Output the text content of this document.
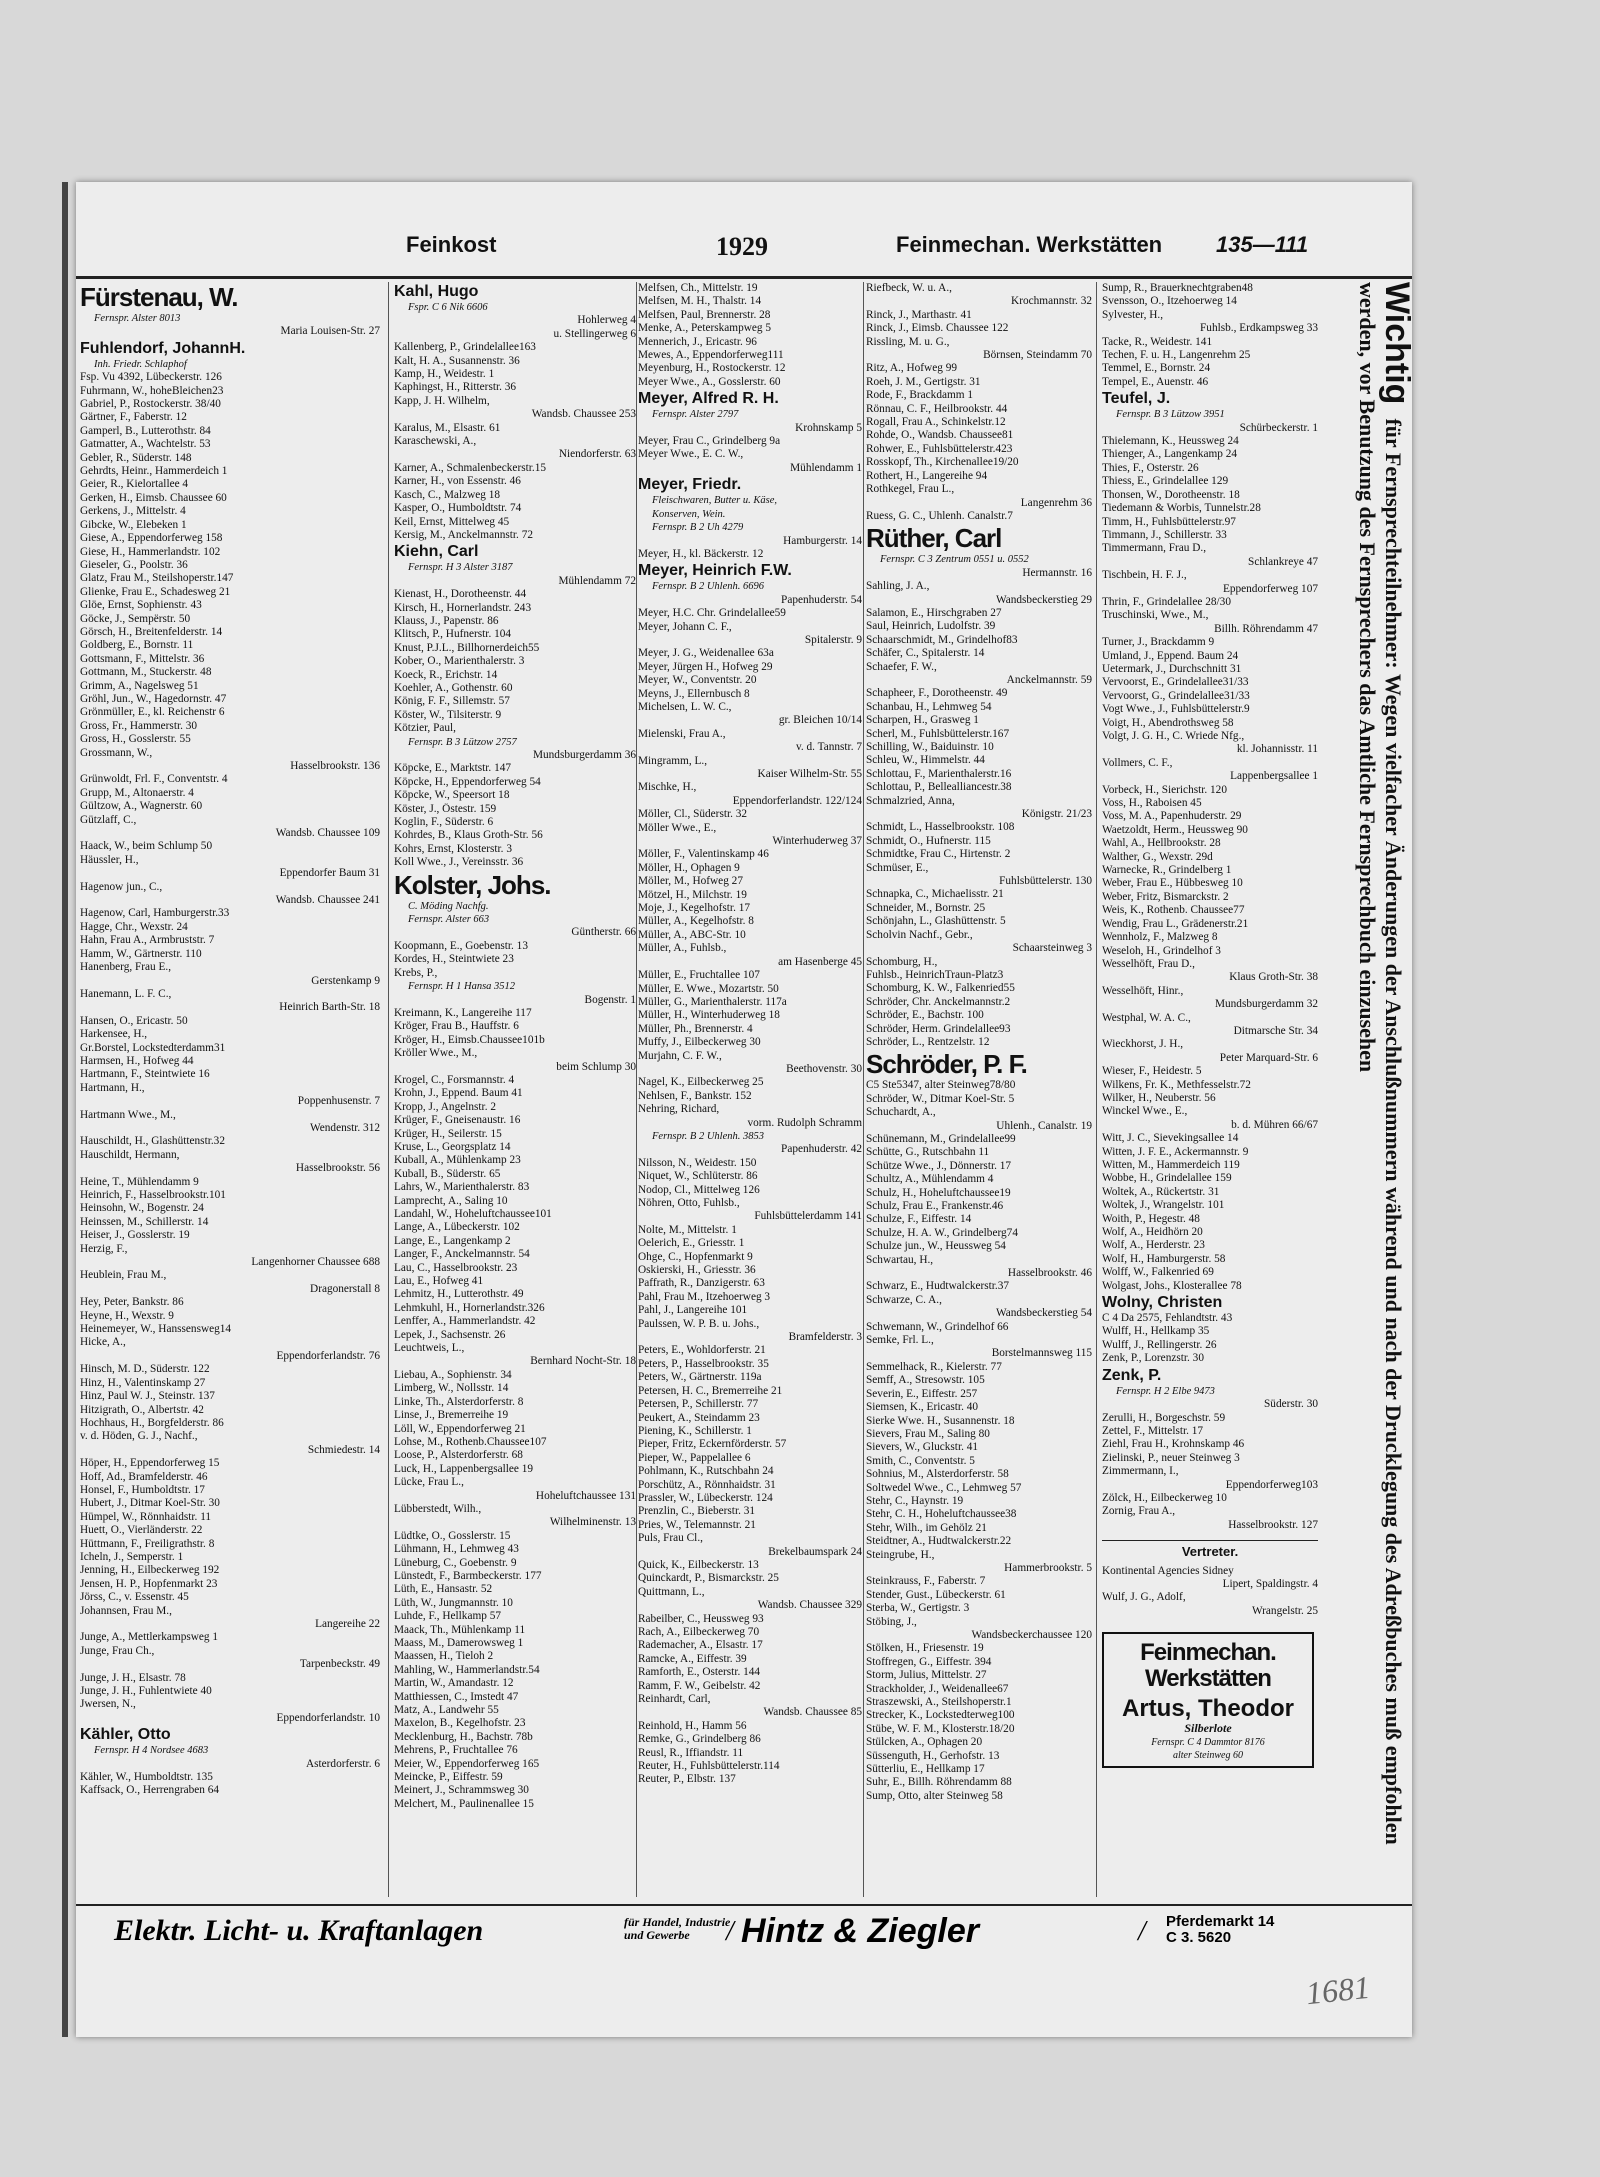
Feinkost	1929	Feinmechan. Werkstätten 135—111
Fürstenau, W.
Fernspr. Alster 8013
Maria Louisen-Str. 27
Fuhlendorf, JohannH.
Inh. Friedr. Schlaphof
Fsp. Vu 4392, Lübeckerstr. 126
Fuhrmann, W., hoheBleichen23
Gabriel, P., Rostockerstr. 38/40
Gärtner, F., Faberstr. 12
Gamperl, B., Lutterothstr. 84
Gatmatter, A., Wachtelstr. 53
Gebler, R., Süderstr. 148
Gehrdts, Heinr., Hammerdeich 1
Geier, R., Kielortallee 4
Gerken, H., Eimsb. Chaussee 60
Gerkens, J., Mittelstr. 4
Gibcke, W., Elebeken 1
Giese, A., Eppendorferweg 158
Giese, H., Hammerlandstr. 102
Gieseler, G., Poolstr. 36
Glatz, Frau M., Steilshoperstr.147
Glienke, Frau E., Schadesweg 21
Glöe, Ernst, Sophienstr. 43
Göcke, J., Sempërstr. 50
Görsch, H., Breitenfelderstr. 14
Goldberg, E., Bornstr. 11
Gottsmann, F., Mittelstr. 36
Gottmann, M., Stuckerstr. 48
Grimm, A., Nagelsweg 51
Gröhl, Jun., W., Hagedornstr. 47
Grönmüller, E., kl. Reichenstr 6
Gross, Fr., Hammerstr. 30
Gross, H., Gosslerstr. 55
Grossmann, W.,
Hasselbrookstr. 136
Grünwoldt, Frl. F., Conventstr. 4
Grupp, M., Altonaerstr. 4
Gültzow, A., Wagnerstr. 60
Gützlaff, C.,
Wandsb. Chaussee 109
Haack, W., beim Schlump 50
Häussler, H.,
Eppendorfer Baum 31
Hagenow jun., C.,
Wandsb. Chaussee 241
Hagenow, Carl, Hamburgerstr.33
Hagge, Chr., Wexstr. 24
Hahn, Frau A., Armbruststr. 7
Hamm, W., Gärtnerstr. 110
Hanenberg, Frau E.,
Gerstenkamp 9
Hanemann, L. F. C.,
Heinrich Barth-Str. 18
Hansen, O., Ericastr. 50
Harkensee, H.,
Gr.Borstel, Lockstedterdamm31
Harmsen, H., Hofweg 44
Hartmann, F., Steintwiete 16
Hartmann, H.,
Poppenhusenstr. 7
Hartmann Wwe., M.,
Wendenstr. 312
Hauschildt, H., Glashüttenstr.32
Hauschildt, Hermann,
Hasselbrookstr. 56
Heine, T., Mühlendamm 9
Heinrich, F., Hasselbrookstr.101
Heinsohn, W., Bogenstr. 24
Heinssen, M., Schillerstr. 14
Heiser, J., Gosslerstr. 19
Herzig, F.,
Langenhorner Chaussee 688
Heublein, Frau M.,
Dragonerstall 8
Hey, Peter, Bankstr. 86
Heyne, H., Wexstr. 9
Heinemeyer, W., Hanssensweg14
Hicke, A.,
Eppendorferlandstr. 76
Hinsch, M. D., Süderstr. 122
Hinz, H., Valentinskamp 27
Hinz, Paul W. J., Steinstr. 137
Hitzigrath, O., Albertstr. 42
Hochhaus, H., Borgfelderstr. 86
v. d. Höden, G. J., Nachf.,
Schmiedestr. 14
Höper, H., Eppendorferweg 15
Hoff, Ad., Bramfelderstr. 46
Honsel, F., Humboldtstr. 17
Hubert, J., Ditmar Koel-Str. 30
Hümpel, W., Rönnhaidstr. 11
Huett, O., Vierländerstr. 22
Hüttmann, F., Freiligrathstr. 8
Icheln, J., Semperstr. 1
Jenning, H., Eilbeckerweg 192
Jensen, H. P., Hopfenmarkt 23
Jörss, C., v. Essenstr. 45
Johannsen, Frau M.,
Langereihe 22
Junge, A., Mettlerkampsweg 1
Junge, Frau Ch.,
Tarpenbeckstr. 49
Junge, J. H., Elsastr. 78
Junge, J. H., Fuhlentwiete 40
Jwersen, N.,
Eppendorferlandstr. 10
Kähler, Otto
Fernspr. H 4 Nordsee 4683
Asterdorferstr. 6
Kähler, W., Humboldtstr. 135
Kaffsack, O., Herrengraben 64
Kahl, Hugo
Fspr. C 6 Nik 6606
Hohlerweg 4
u. Stellingerweg 6
Kallenberg, P., Grindelallee163
Kalt, H. A., Susannenstr. 36
Kamp, H., Weidestr. 1
Kaphingst, H., Ritterstr. 36
Kapp, J. H. Wilhelm,
Wandsb. Chaussee 253
Karalus, M., Elsastr. 61
Karaschewski, A.,
Niendorferstr. 63
Karner, A., Schmalenbeckerstr.15
Karner, H., von Essenstr. 46
Kasch, C., Malzweg 18
Kasper, O., Humboldtstr. 74
Keil, Ernst, Mittelweg 45
Kersig, M., Anckelmannstr. 72
Kiehn, Carl
Fernspr. H 3 Alster 3187
Mühlendamm 72
Kienast, H., Dorotheenstr. 44
Kirsch, H., Hornerlandstr. 243
Klauss, J., Papenstr. 86
Klitsch, P., Hufnerstr. 104
Knust, P.J.L., Billhornerdeich55
Kober, O., Marienthalerstr. 3
Koeck, R., Erichstr. 14
Koehler, A., Gothenstr. 60
König, F. F., Sillemstr. 57
Köster, W., Tilsiterstr. 9
Kötzier, Paul,
Fernspr. B 3 Lützow 2757
Mundsburgerdamm 36
Köpcke, E., Marktstr. 147
Köpcke, H., Eppendorferweg 54
Köpcke, W., Speersort 18
Köster, J., Östestr. 159
Koglin, F., Süderstr. 6
Kohrdes, B., Klaus Groth-Str. 56
Kohrs, Ernst, Klosterstr. 3
Koll Wwe., J., Vereinsstr. 36
Kolster, Johs.
C. Möding Nachfg.
Fernspr. Alster 663
Güntherstr. 66
Koopmann, E., Goebenstr. 13
Kordes, H., Steintwiete 23
Krebs, P.,
Fernspr. H 1 Hansa 3512
Bogenstr. 1
Kreimann, K., Langereihe 117
Kröger, Frau B., Hauffstr. 6
Kröger, H., Eimsb.Chaussee101b
Kröller Wwe., M.,
beim Schlump 30
Krogel, C., Forsmannstr. 4
Krohn, J., Eppend. Baum 41
Kropp, J., Angelnstr. 2
Krüger, F., Gneisenaustr. 16
Krüger, H., Seilerstr. 15
Kruse, L., Georgsplatz 14
Kuball, A., Mühlenkamp 23
Kuball, B., Süderstr. 65
Lahrs, W., Marienthalerstr. 83
Lamprecht, A., Saling 10
Landahl, W., Hoheluftchaussee101
Lange, A., Lübeckerstr. 102
Lange, E., Langenkamp 2
Langer, F., Anckelmannstr. 54
Lau, C., Hasselbrookstr. 23
Lau, E., Hofweg 41
Lehmitz, H., Lutterothstr. 49
Lehmkuhl, H., Hornerlandstr.326
Lenffer, A., Hammerlandstr. 42
Lepek, J., Sachsenstr. 26
Leuchtweis, L.,
Bernhard Nocht-Str. 18
Liebau, A., Sophienstr. 34
Limberg, W., Nollsstr. 14
Linke, Th., Alsterdorferstr. 8
Linse, J., Bremerreihe 19
Löll, W., Eppendorferweg 21
Lohse, M., Rothenb.Chaussee107
Loose, P., Alsterdorferstr. 68
Luck, H., Lappenbergsallee 19
Lücke, Frau L.,
Hoheluftchaussee 131
Lübberstedt, Wilh.,
Wilhelminenstr. 13
Lüdtke, O., Gosslerstr. 15
Lühmann, H., Lehmweg 43
Lüneburg, C., Goebenstr. 9
Lünstedt, F., Barmbeckerstr. 177
Lüth, E., Hansastr. 52
Lüth, W., Jungmannstr. 10
Luhde, F., Hellkamp 57
Maack, Th., Mühlenkamp 11
Maass, M., Damerowsweg 1
Maassen, H., Tieloh 2
Mahling, W., Hammerlandstr.54
Martin, W., Amandastr. 12
Matthiessen, C., Imstedt 47
Matz, A., Landwehr 55
Maxelon, B., Kegelhofstr. 23
Mecklenburg, H., Bachstr. 78b
Mehrens, P., Fruchtallee 76
Meier, W., Eppendorferweg 165
Meincke, P., Eiffestr. 59
Meinert, J., Schrammsweg 30
Melchert, M., Paulinenallee 15
Melfsen, Ch., Mittelstr. 19
Melfsen, M. H., Thalstr. 14
Melfsen, Paul, Brennerstr. 28
Menke, A., Peterskampweg 5
Mennerich, J., Ericastr. 96
Mewes, A., Eppendorferweg111
Meyenburg, H., Rostockerstr. 12
Meyer Wwe., A., Gosslerstr. 60
Meyer, Alfred R. H.
Fernspr. Alster 2797
Krohnskamp 5
Meyer, Frau C., Grindelberg 9a
Meyer Wwe., E. C. W.,
Mühlendamm 1
Meyer, Friedr.
Fleischwaren, Butter u. Käse,
Konserven, Wein.
Fernspr. B 2 Uh 4279
Hamburgerstr. 14
Meyer, H., kl. Bäckerstr. 12
Meyer, Heinrich F.W.
Fernspr. B 2 Uhlenh. 6696
Papenhuderstr. 54
Meyer, H.C. Chr. Grindelallee59
Meyer, Johann C. F.,
Spitalerstr. 9
Meyer, J. G., Weidenallee 63a
Meyer, Jürgen H., Hofweg 29
Meyer, W., Conventstr. 20
Meyns, J., Ellernbusch 8
Michelsen, L. W. C.,
gr. Bleichen 10/14
Mielenski, Frau A.,
v. d. Tannstr. 7
Mingramm, L.,
Kaiser Wilhelm-Str. 55
Mischke, H.,
Eppendorferlandstr. 122/124
Möller, Cl., Süderstr. 32
Möller Wwe., E.,
Winterhuderweg 37
Möller, F., Valentinskamp 46
Möller, H., Ophagen 9
Möller, M., Hofweg 27
Mötzel, H., Milchstr. 19
Moje, J., Kegelhofstr. 17
Müller, A., Kegelhofstr. 8
Müller, A., ABC-Str. 10
Müller, A., Fuhlsb.,
am Hasenberge 45
Müller, E., Fruchtallee 107
Müller, E. Wwe., Mozartstr. 50
Müller, G., Marienthalerstr. 117a
Müller, H., Winterhuderweg 18
Müller, Ph., Brennerstr. 4
Muffy, J., Eilbeckerweg 30
Murjahn, C. F. W.,
Beethovenstr. 30
Nagel, K., Eilbeckerweg 25
Nehlsen, F., Bankstr. 152
Nehring, Richard,
vorm. Rudolph Schramm
Fernspr. B 2 Uhlenh. 3853
Papenhuderstr. 42
Nilsson, N., Weidestr. 150
Niquet, W., Schlüterstr. 86
Nodop, Cl., Mittelweg 126
Nöhren, Otto, Fuhlsb.,
Fuhlsbüttelerdamm 141
Nolte, M., Mittelstr. 1
Oelerich, E., Griesstr. 1
Ohge, C., Hopfenmarkt 9
Oskierski, H., Griesstr. 36
Paffrath, R., Danzigerstr. 63
Pahl, Frau M., Itzehoerweg 3
Pahl, J., Langereihe 101
Paulssen, W. P. B. u. Johs.,
Bramfelderstr. 3
Peters, E., Wohldorferstr. 21
Peters, P., Hasselbrookstr. 35
Peters, W., Gärtnerstr. 119a
Petersen, H. C., Bremerreihe 21
Petersen, P., Schillerstr. 77
Peukert, A., Steindamm 23
Piening, K., Schillerstr. 1
Pieper, Fritz, Eckernförderstr. 57
Pieper, W., Pappelallee 6
Pohlmann, K., Rutschbahn 24
Porschütz, A., Rönnhaidstr. 31
Prassler, W., Lübeckerstr. 124
Prenzlin, C., Bieberstr. 31
Pries, W., Telemannstr. 21
Puls, Frau Cl.,
Brekelbaumspark 24
Quick, K., Eilbeckerstr. 13
Quinckardt, P., Bismarckstr. 25
Quittmann, L.,
Wandsb. Chaussee 329
Rabeilber, C., Heussweg 93
Rach, A., Eilbeckerweg 70
Rademacher, A., Elsastr. 17
Ramcke, A., Eiffestr. 39
Ramforth, E., Osterstr. 144
Ramm, F. W., Geibelstr. 42
Reinhardt, Carl,
Wandsb. Chaussee 85
Reinhold, H., Hamm 56
Remke, G., Grindelberg 86
Reusl, R., Iffiandstr. 11
Reuter, H., Fuhlsbüttelerstr.114
Reuter, P., Elbstr. 137
Riefbeck, W. u. A.,
Krochmannstr. 32
Rinck, J., Marthastr. 41
Rinck, J., Eimsb. Chaussee 122
Rissling, M. u. G.,
Börnsen, Steindamm 70
Ritz, A., Hofweg 99
Roeh, J. M., Gertigstr. 31
Rode, F., Brackdamm 1
Rönnau, C. F., Heilbrookstr. 44
Rogall, Frau A., Schinkelstr.12
Rohde, O., Wandsb. Chaussee81
Rohwer, E., Fuhlsbüttelerstr.423
Rosskopf, Th., Kirchenallee19/20
Rothert, H., Langereihe 94
Rothkegel, Frau L.,
Langenrehm 36
Ruess, G. C., Uhlenh. Canalstr.7
Rüther, Carl
Fernspr. C 3 Zentrum 0551 u. 0552
Hermannstr. 16
Sahling, J. A.,
Wandsbeckerstieg 29
Salamon, E., Hirschgraben 27
Saul, Heinrich, Ludolfstr. 39
Schaarschmidt, M., Grindelhof83
Schäfer, C., Spitalerstr. 14
Schaefer, F. W.,
Anckelmannstr. 59
Schapheer, F., Dorotheenstr. 49
Schanbau, H., Lehmweg 54
Scharpen, H., Grasweg 1
Scherl, M., Fuhlsbüttelerstr.167
Schilling, W., Baiduinstr. 10
Schleu, W., Himmelstr. 44
Schlottau, F., Marienthalerstr.16
Schlottau, P., Bellealliancestr.38
Schmalzried, Anna,
Königstr. 21/23
Schmidt, L., Hasselbrookstr. 108
Schmidt, O., Hufnerstr. 115
Schmidtke, Frau C., Hirtenstr. 2
Schmüser, E.,
Fuhlsbüttelerstr. 130
Schnapka, C., Michaelisstr. 21
Schneider, M., Bornstr. 25
Schönjahn, L., Glashüttenstr. 5
Scholvin Nachf., Gebr.,
Schaarsteinweg 3
Schomburg, H.,
Fuhlsb., HeinrichTraun-Platz3
Schomburg, K. W., Falkenried55
Schröder, Chr. Anckelmannstr.2
Schröder, E., Bachstr. 100
Schröder, Herm. Grindelallee93
Schröder, L., Rentzelstr. 12
Schröder, P. F.
C5 Ste5347, alter Steinweg78/80
Schröder, W., Ditmar Koel-Str. 5
Schuchardt, A.,
Uhlenh., Canalstr. 19
Schünemann, M., Grindelallee99
Schütte, G., Rutschbahn 11
Schütze Wwe., J., Dönnerstr. 17
Schultz, A., Mühlendamm 4
Schulz, H., Hoheluftchaussee19
Schulz, Frau E., Frankenstr.46
Schulze, F., Eiffestr. 14
Schulze, H. A. W., Grindelberg74
Schulze jun., W., Heussweg 54
Schwartau, H.,
Hasselbrookstr. 46
Schwarz, E., Hudtwalckerstr.37
Schwarze, C. A.,
Wandsbeckerstieg 54
Schwemann, W., Grindelhof 66
Semke, Frl. L.,
Borstelmannsweg 115
Semmelhack, R., Kielerstr. 77
Semff, A., Stresowstr. 105
Severin, E., Eiffestr. 257
Siemsen, K., Ericastr. 40
Sierke Wwe. H., Susannenstr. 18
Sievers, Frau M., Saling 80
Sievers, W., Gluckstr. 41
Smith, C., Conventstr. 5
Sohnius, M., Alsterdorferstr. 58
Soltwedel Wwe., C., Lehmweg 57
Stehr, C., Haynstr. 19
Stehr, C. H., Hoheluftchaussee38
Stehr, Wilh., im Gehölz 21
Steidtner, A., Hudtwalckerstr.22
Steingrube, H.,
Hammerbrookstr. 5
Steinkrauss, F., Faberstr. 7
Stender, Gust., Lübeckerstr. 61
Sterba, W., Gertigstr. 3
Stöbing, J.,
Wandsbeckerchaussee 120
Stölken, H., Friesenstr. 19
Stoffregen, G., Eiffestr. 394
Storm, Julius, Mittelstr. 27
Strackholder, J., Weidenallee67
Straszewski, A., Steilshoperstr.1
Strecker, K., Lockstedterweg100
Stübe, W. F. M., Klosterstr.18/20
Stülcken, A., Ophagen 20
Süssenguth, H., Gerhofstr. 13
Sütterliu, E., Hellkamp 17
Suhr, E., Billh. Röhrendamm 88
Sump, Otto, alter Steinweg 58
Sump, R., Brauerknechtgraben48
Svensson, O., Itzehoerweg 14
Sylvester, H.,
Fuhlsb., Erdkampsweg 33
Tacke, R., Weidestr. 141
Techen, F. u. H., Langenrehm 25
Temmel, E., Bornstr. 24
Tempel, E., Auenstr. 46
Teufel, J.
Fernspr. B 3 Lützow 3951
Schürbeckerstr. 1
Thielemann, K., Heussweg 24
Thienger, A., Langenkamp 24
Thies, F., Osterstr. 26
Thiess, E., Grindelallee 129
Thonsen, W., Dorotheenstr. 18
Tiedemann & Worbis, Tunnelstr.28
Timm, H., Fuhlsbüttelerstr.97
Timmann, J., Schillerstr. 33
Timmermann, Frau D.,
Schlankreye 47
Tischbein, H. F. J.,
Eppendorferweg 107
Thrin, F., Grindelallee 28/30
Truschinski, Wwe., M.,
Billh. Röhrendamm 47
Turner, J., Brackdamm 9
Umland, J., Eppend. Baum 24
Uetermark, J., Durchschnitt 31
Vervoorst, E., Grindelallee31/33
Vervoorst, G., Grindelallee31/33
Vogt Wwe., J., Fuhlsbüttelerstr.9
Voigt, H., Abendrothsweg 58
Volgt, J. G. H., C. Wriede Nfg.,
kl. Johannisstr. 11
Vollmers, C. F.,
Lappenbergsallee 1
Vorbeck, H., Sierichstr. 120
Voss, H., Raboisen 45
Voss, M. A., Papenhuderstr. 29
Waetzoldt, Herm., Heussweg 90
Wahl, A., Hellbrookstr. 28
Walther, G., Wexstr. 29d
Warnecke, R., Grindelberg 1
Weber, Frau E., Hübbesweg 10
Weber, Fritz, Bismarckstr. 2
Weis, K., Rothenb. Chaussee77
Wendig, Frau L., Grädenerstr.21
Wennholz, F., Malzweg 8
Weseloh, H., Grindelhof 3
Wesselhöft, Frau D.,
Klaus Groth-Str. 38
Wesselhöft, Hinr.,
Mundsburgerdamm 32
Westphal, W. A. C.,
Ditmarsche Str. 34
Wieckhorst, J. H.,
Peter Marquard-Str. 6
Wieser, F., Heidestr. 5
Wilkens, Fr. K., Methfesselstr.72
Wilker, H., Neuberstr. 56
Winckel Wwe., E.,
b. d. Mühren 66/67
Witt, J. C., Sievekingsallee 14
Witten, J. F. E., Ackermannstr. 9
Witten, M., Hammerdeich 119
Wobbe, H., Grindelallee 159
Woltek, A., Rückertstr. 31
Woltek, J., Wrangelstr. 101
Woith, P., Hegestr. 48
Wolf, A., Heidhörn 20
Wolf, A., Herderstr. 23
Wolf, H., Hamburgerstr. 58
Wolff, W., Falkenried 69
Wolgast, Johs., Klosterallee 78
Wolny, Christen
C 4 Da 2575, Fehlandtstr. 43
Wulff, H., Hellkamp 35
Wulff, J., Rellingerstr. 26
Zenk, P., Lorenzstr. 30
Zenk, P.
Fernspr. H 2 Elbe 9473
Süderstr. 30
Zerulli, H., Borgeschstr. 59
Zettel, F., Mittelstr. 17
Ziehl, Frau H., Krohnskamp 46
Zielinski, P., neuer Steinweg 3
Zimmermann, I.,
Eppendorferweg103
Zölck, H., Eilbeckerweg 10
Zornig, Frau A.,
Hasselbrookstr. 127
Vertreter.
Kontinental Agencies Sidney
Lipert, Spaldingstr. 4
Wulf, J. G., Adolf,
Wrangelstr. 25
Feinmechan.
Werkstätten
Artus, Theodor
Silberlote
Fernspr. C 4 Dammtor 8176
alter Steinweg 60
Wichtigfür Fernsprechteilnehmer: Wegen vielfacher Änderungen der Anschlußnummern während und nach der Drucklegung des Adreßbuches muß empfohlen werden, vor Benutzung des Fernsprechers das Amtliche Fernsprechbuch einzusehen
Elektr. Licht- u. Kraftanlagen	für Handel, Industrie und Gewerbe	/ Hintz & Ziegler	/ Pferdemarkt 14
C 3. 5620
1681
